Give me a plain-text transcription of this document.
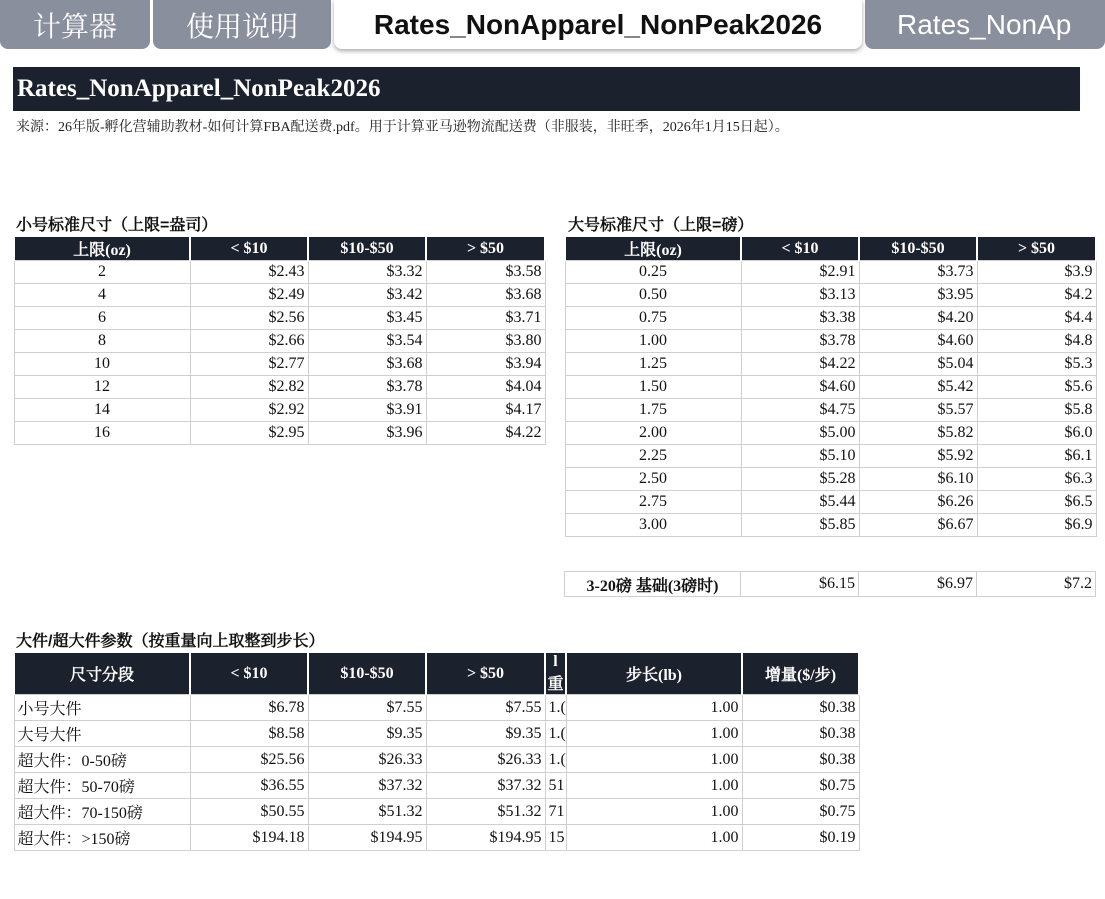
计算器	使用说明	Rates_NonApparel_NonPeak2026	Rates_NonAp
Rates_NonApparel_NonPeak2026
来源：26年版-孵化营辅助教材-如何计算FBA配送费.pdf。用于计算亚马逊物流配送费（非服装，非旺季，2026年1月15日起）。
小号标准尺寸（上限=盎司）
上限(oz)	< $10	$10-$50	> $50
2	$2.43	$3.32	$3.58
4	$2.49	$3.42	$3.68
6	$2.56	$3.45	$3.71
8	$2.66	$3.54	$3.80
10	$2.77	$3.68	$3.94
12	$2.82	$3.78	$4.04
14	$2.92	$3.91	$4.17
16	$2.95	$3.96	$4.22
大号标准尺寸（上限=磅）
上限(oz)	< $10	$10-$50	> $50
0.25	$2.91	$3.73	$3.9
0.50	$3.13	$3.95	$4.2
0.75	$3.38	$4.20	$4.4
1.00	$3.78	$4.60	$4.8
1.25	$4.22	$5.04	$5.3
1.50	$4.60	$5.42	$5.6
1.75	$4.75	$5.57	$5.8
2.00	$5.00	$5.82	$6.0
2.25	$5.10	$5.92	$6.1
2.50	$5.28	$6.10	$6.3
2.75	$5.44	$6.26	$6.5
3.00	$5.85	$6.67	$6.9
3-20磅 基础(3磅时)	$6.15	$6.97	$7.2
大件/超大件参数（按重量向上取整到步长）
尺寸分段	< $10	$10-$50	> $50	l重	步长(lb)	增量($/步)
小号大件	$6.78	$7.55	$7.55	1.(	1.00	$0.38
大号大件	$8.58	$9.35	$9.35	1.(	1.00	$0.38
超大件：0-50磅	$25.56	$26.33	$26.33	1.(	1.00	$0.38
超大件：50-70磅	$36.55	$37.32	$37.32	51	1.00	$0.75
超大件：70-150磅	$50.55	$51.32	$51.32	71	1.00	$0.75
超大件：>150磅	$194.18	$194.95	$194.95	15	1.00	$0.19
